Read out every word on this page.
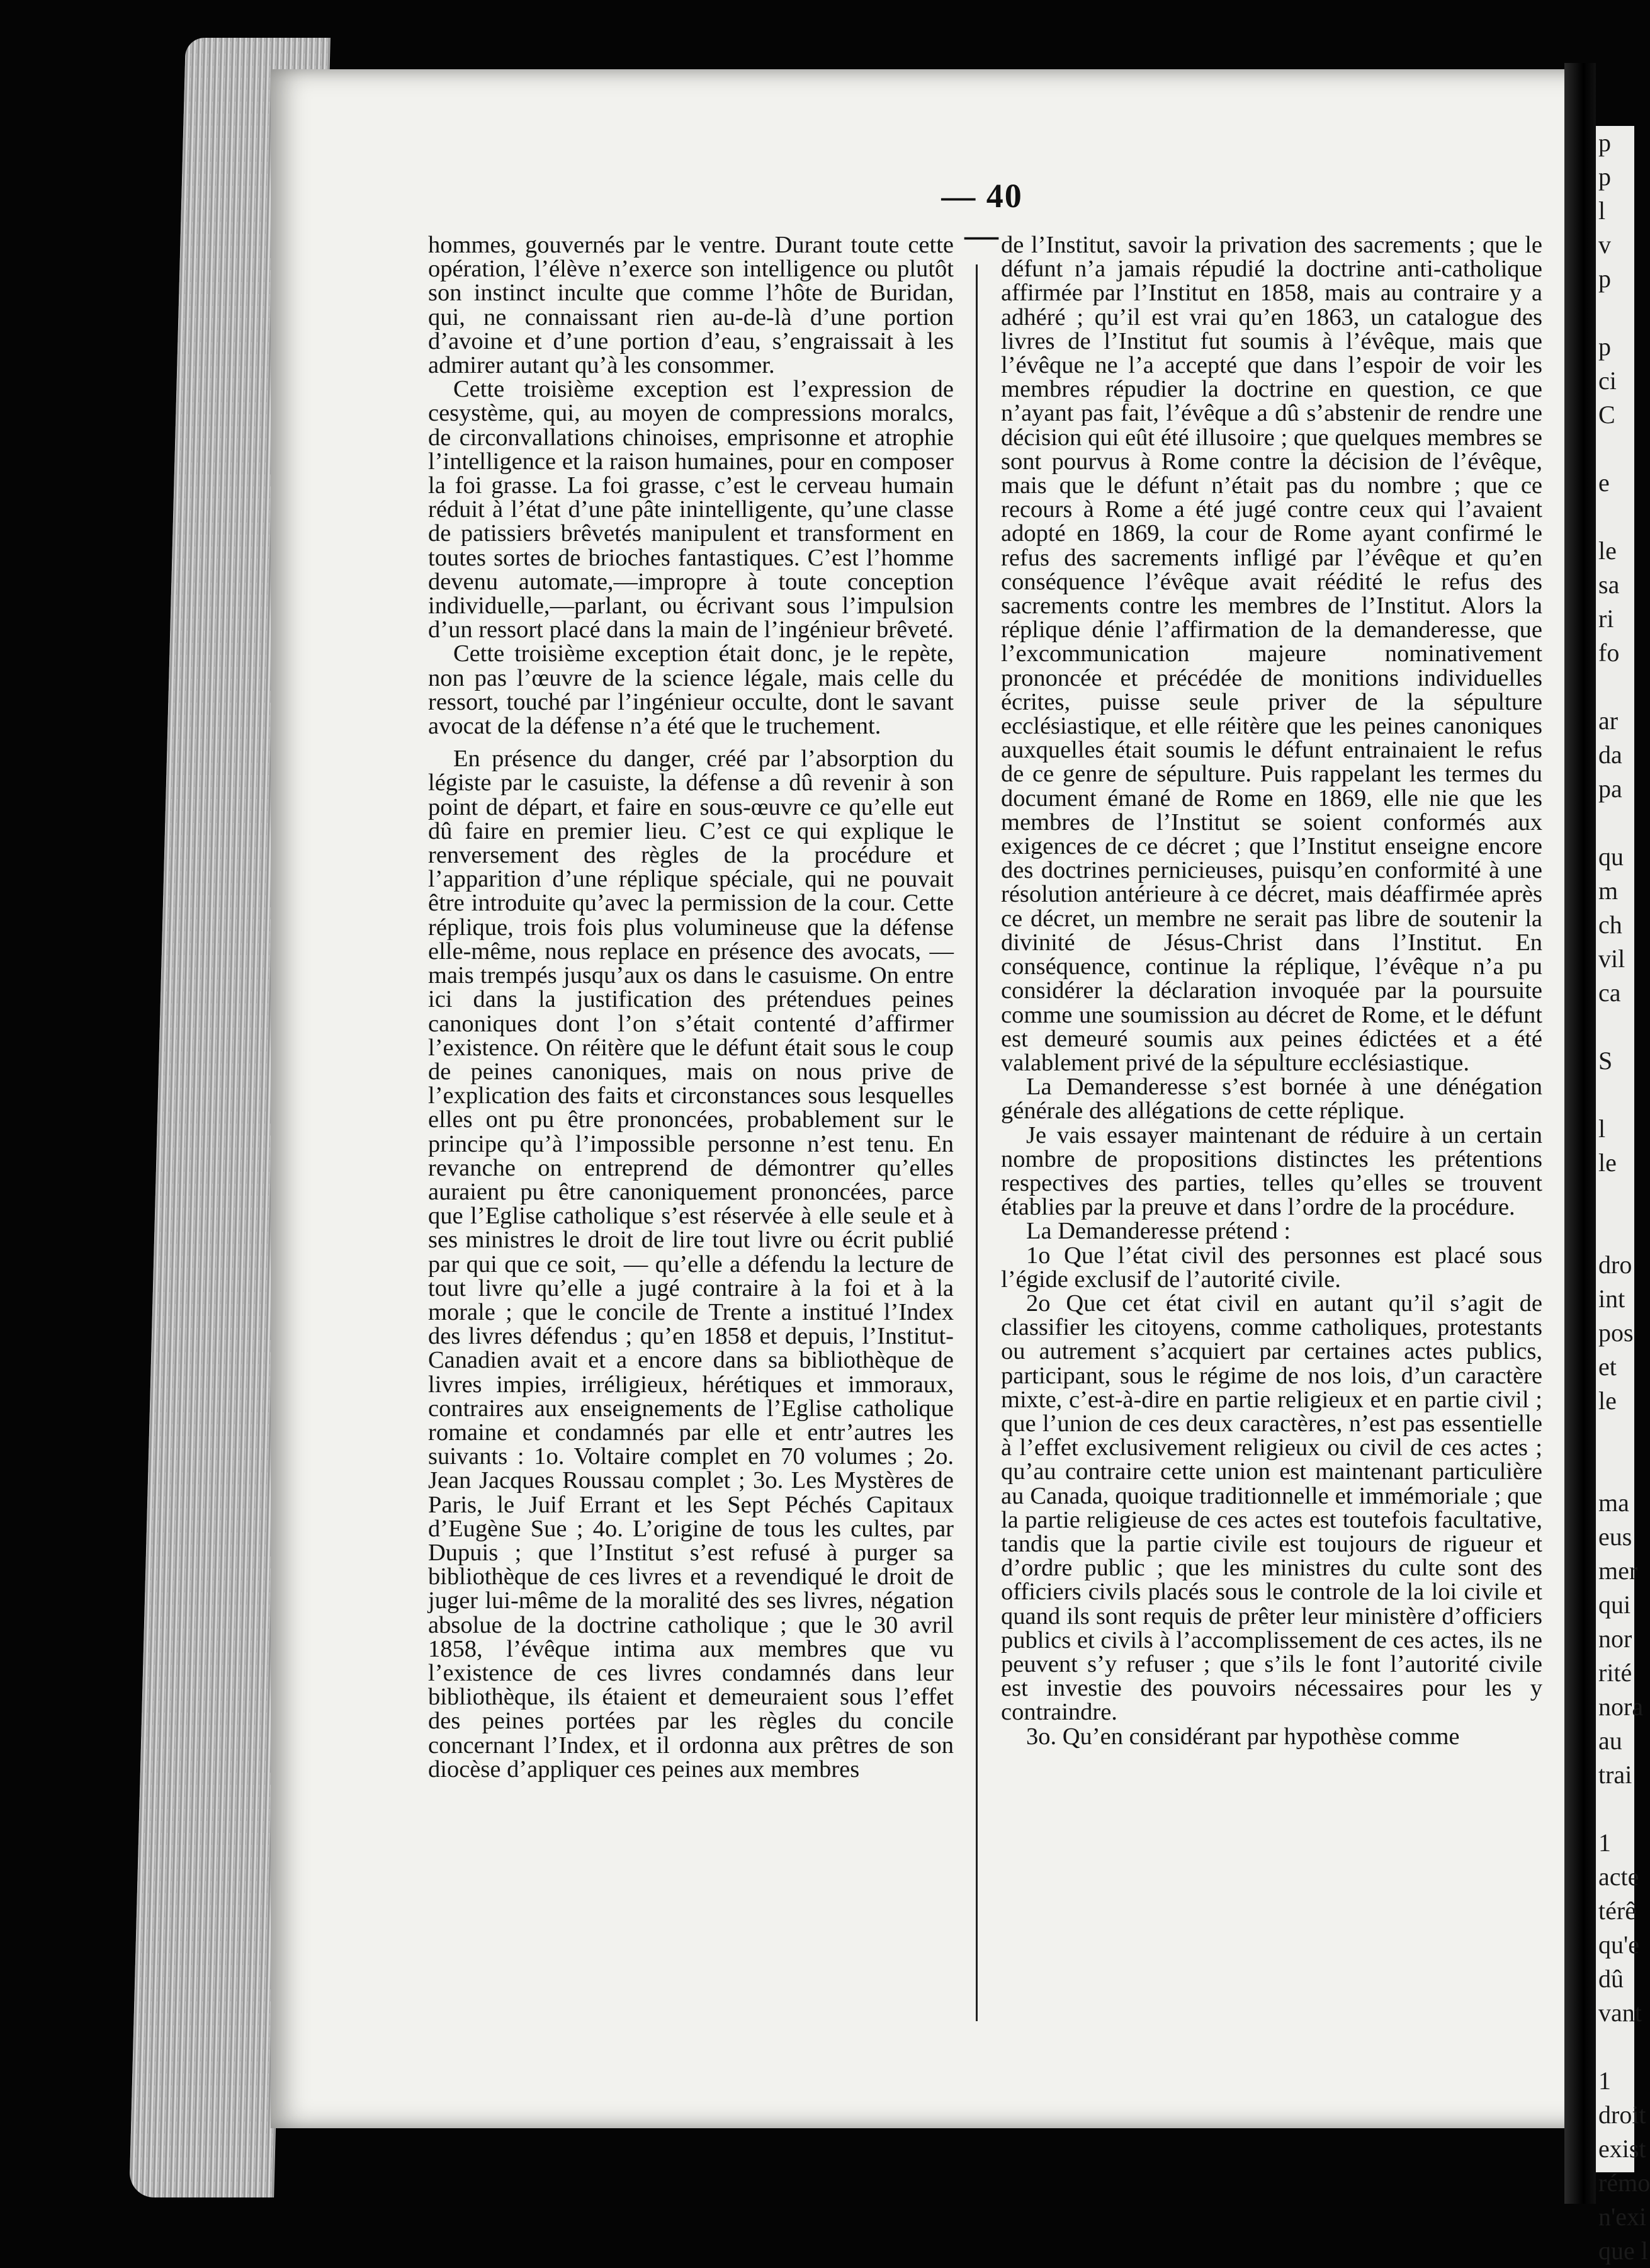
— 40 —

hommes, gouvernés par le ventre. Durant toute cette opération, l’élève n’exerce son intelligence ou plutôt son instinct inculte que comme l’hôte de Buridan, qui, ne connaissant rien au-de-là d’une portion d’avoine et d’une portion d’eau, s’engraissait à les admirer autant qu’à les consommer.

Cette troisième exception est l’expression de cesystème, qui, au moyen de compressions moralcs, de circonvallations chinoises, emprisonne et atrophie l’intelligence et la raison humaines, pour en composer la foi grasse. La foi grasse, c’est le cerveau humain réduit à l’état d’une pâte inintelligente, qu’une classe de patissiers brêvetés manipulent et transforment en toutes sortes de brioches fantastiques. C’est l’homme devenu automate,—impropre à toute conception individuelle,—parlant, ou écrivant sous l’impulsion d’un ressort placé dans la main de l’ingénieur brêveté.

Cette troisième exception était donc, je le repète, non pas l’œuvre de la science légale, mais celle du ressort, touché par l’ingénieur occulte, dont le savant avocat de la défense n’a été que le truchement.

En présence du danger, créé par l’absorption du légiste par le casuiste, la défense a dû revenir à son point de départ, et faire en sous-œuvre ce qu’elle eut dû faire en premier lieu. C’est ce qui explique le renversement des règles de la procédure et l’apparition d’une réplique spéciale, qui ne pouvait être introduite qu’avec la permission de la cour. Cette réplique, trois fois plus volumineuse que la défense elle-même, nous replace en présence des avocats, — mais trempés jusqu’aux os dans le casuisme. On entre ici dans la justification des prétendues peines canoniques dont l’on s’était contenté d’affirmer l’existence. On réitère que le défunt était sous le coup de peines canoniques, mais on nous prive de l’explication des faits et circonstances sous lesquelles elles ont pu être prononcées, probablement sur le principe qu’à l’impossible personne n’est tenu. En revanche on entreprend de démontrer qu’elles auraient pu être canoniquement prononcées, parce que l’Eglise catholique s’est réservée à elle seule et à ses ministres le droit de lire tout livre ou écrit publié par qui que ce soit, — qu’elle a défendu la lecture de tout livre qu’elle a jugé contraire à la foi et à la morale ; que le concile de Trente a institué l’Index des livres défendus ; qu’en 1858 et depuis, l’Institut-Canadien avait et a encore dans sa bibliothèque de livres impies, irréligieux, hérétiques et immoraux, contraires aux enseignements de l’Eglise catholique romaine et condamnés par elle et entr’autres les suivants : 1o. Voltaire complet en 70 volumes ; 2o. Jean Jacques Roussau complet ; 3o. Les Mystères de Paris, le Juif Errant et les Sept Péchés Capitaux d’Eugène Sue ; 4o. L’origine de tous les cultes, par Dupuis ; que l’Institut s’est refusé à purger sa bibliothèque de ces livres et a revendiqué le droit de juger lui-même de la moralité des ses livres, négation absolue de la doctrine catholique ; que le 30 avril 1858, l’évêque intima aux membres que vu l’existence de ces livres condamnés dans leur bibliothèque, ils étaient et demeuraient sous l’effet des peines portées par les règles du concile concernant l’Index, et il ordonna aux prêtres de son diocèse d’appliquer ces peines aux membres

de l’Institut, savoir la privation des sacrements ; que le défunt n’a jamais répudié la doctrine anti-catholique affirmée par l’Institut en 1858, mais au contraire y a adhéré ; qu’il est vrai qu’en 1863, un catalogue des livres de l’Institut fut soumis à l’évêque, mais que l’évêque ne l’a accepté que dans l’espoir de voir les membres répudier la doctrine en question, ce que n’ayant pas fait, l’évêque a dû s’abstenir de rendre une décision qui eût été illusoire ; que quelques membres se sont pourvus à Rome contre la décision de l’évêque, mais que le défunt n’était pas du nombre ; que ce recours à Rome a été jugé contre ceux qui l’avaient adopté en 1869, la cour de Rome ayant confirmé le refus des sacrements infligé par l’évêque et qu’en conséquence l’évêque avait réédité le refus des sacrements contre les membres de l’Institut. Alors la réplique dénie l’affirmation de la demanderesse, que l’excommunication majeure nominativement prononcée et précédée de monitions individuelles écrites, puisse seule priver de la sépulture ecclésiastique, et elle réitère que les peines canoniques auxquelles était soumis le défunt entrainaient le refus de ce genre de sépulture. Puis rappelant les termes du document émané de Rome en 1869, elle nie que les membres de l’Institut se soient conformés aux exigences de ce décret ; que l’Institut enseigne encore des doctrines pernicieuses, puisqu’en conformité à une résolution antérieure à ce décret, mais déaffirmée après ce décret, un membre ne serait pas libre de soutenir la divinité de Jésus-Christ dans l’Institut. En conséquence, continue la réplique, l’évêque n’a pu considérer la déclaration invoquée par la poursuite comme une soumission au décret de Rome, et le défunt est demeuré soumis aux peines édictées et a été valablement privé de la sépulture ecclésiastique.

La Demanderesse s’est bornée à une dénégation générale des allégations de cette réplique.

Je vais essayer maintenant de réduire à un certain nombre de propositions distinctes les prétentions respectives des parties, telles qu’elles se trouvent établies par la preuve et dans l’ordre de la procédure.

La Demanderesse prétend :

1o Que l’état civil des personnes est placé sous l’égide exclusif de l’autorité civile.

2o Que cet état civil en autant qu’il s’agit de classifier les citoyens, comme catholiques, protestants ou autrement s’acquiert par certaines actes publics, participant, sous le régime de nos lois, d’un caractère mixte, c’est-à-dire en partie religieux et en partie civil ; que l’union de ces deux caractères, n’est pas essentielle à l’effet exclusivement religieux ou civil de ces actes ; qu’au contraire cette union est maintenant particulière au Canada, quoique traditionnelle et immémoriale ; que la partie religieuse de ces actes est toutefois facultative, tandis que la partie civile est toujours de rigueur et d’ordre public ; que les ministres du culte sont des officiers civils placés sous le controle de la loi civile et quand ils sont requis de prêter leur ministère d’officiers publics et civils à l’accomplissement de ces actes, ils ne peuvent s’y refuser ; que s’ils le font l’autorité civile est investie des pouvoirs nécessaires pour les y contraindre.

3o. Qu’en considérant par hypothèse comme

p
p
l
v
p

p
ci
C

e

le
sa
ri
fo

ar
da
pa

qu
m
ch
vil
ca

S

l
le

dro
int
pos
et
le

ma
eus
mer
qui
nor
rité
nora
au
trai

1
acte
térê
qu'e
dû
vant

1
droit
exist
rémo
n'exi
que l
